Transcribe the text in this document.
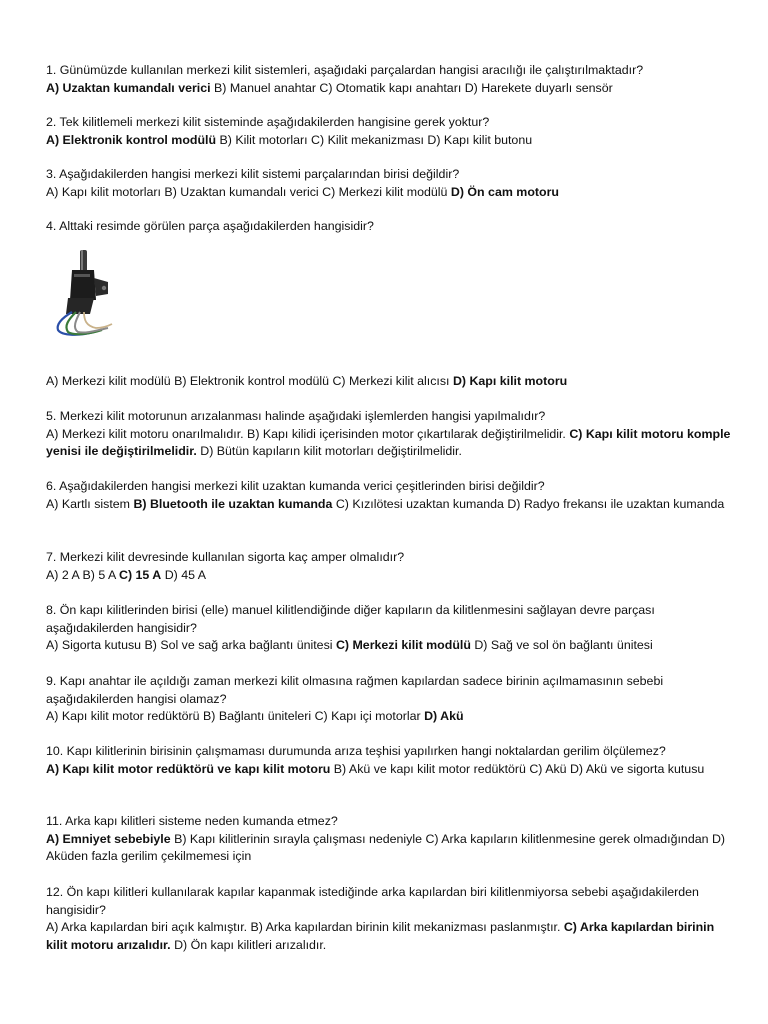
1. Günümüzde kullanılan merkezi kilit sistemleri, aşağıdaki parçalardan hangisi aracılığı ile çalıştırılmaktadır?

A) Uzaktan kumandalı verici B) Manuel anahtar C) Otomatik kapı anahtarı D) Harekete duyarlı sensör

2. Tek kilitlemeli merkezi kilit sisteminde aşağıdakilerden hangisine gerek yoktur?

A) Elektronik kontrol modülü B) Kilit motorları C) Kilit mekanizması D) Kapı kilit butonu

3. Aşağıdakilerden hangisi merkezi kilit sistemi parçalarından birisi değildir?

A) Kapı kilit motorları B) Uzaktan kumandalı verici C) Merkezi kilit modülü D) Ön cam motoru

4. Alttaki resimde görülen parça aşağıdakilerden hangisidir?

A) Merkezi kilit modülü B) Elektronik kontrol modülü C) Merkezi kilit alıcısı D) Kapı kilit motoru

5. Merkezi kilit motorunun arızalanması halinde aşağıdaki işlemlerden hangisi yapılmalıdır?

A) Merkezi kilit motoru onarılmalıdır. B) Kapı kilidi içerisinden motor çıkartılarak değiştirilmelidir. C) Kapı kilit motoru komple yenisi ile değiştirilmelidir. D) Bütün kapıların kilit motorları değiştirilmelidir.

6. Aşağıdakilerden hangisi merkezi kilit uzaktan kumanda verici çeşitlerinden birisi değildir?

A) Kartlı sistem B) Bluetooth ile uzaktan kumanda C) Kızılötesi uzaktan kumanda D) Radyo frekansı ile uzaktan kumanda

7. Merkezi kilit devresinde kullanılan sigorta kaç amper olmalıdır?

A) 2 A B) 5 A C) 15 A D) 45 A

8. Ön kapı kilitlerinden birisi (elle) manuel kilitlendiğinde diğer kapıların da kilitlenmesini sağlayan devre parçası aşağıdakilerden hangisidir?

A) Sigorta kutusu B) Sol ve sağ arka bağlantı ünitesi C) Merkezi kilit modülü D) Sağ ve sol ön bağlantı ünitesi

9. Kapı anahtar ile açıldığı zaman merkezi kilit olmasına rağmen kapılardan sadece birinin açılmamasının sebebi aşağıdakilerden hangisi olamaz?

A) Kapı kilit motor redüktörü B) Bağlantı üniteleri C) Kapı içi motorlar D) Akü

10. Kapı kilitlerinin birisinin çalışmaması durumunda arıza teşhisi yapılırken hangi noktalardan gerilim ölçülemez?

A) Kapı kilit motor redüktörü ve kapı kilit motoru B) Akü ve kapı kilit motor redüktörü C) Akü D) Akü ve sigorta kutusu

11. Arka kapı kilitleri sisteme neden kumanda etmez?

A) Emniyet sebebiyle B) Kapı kilitlerinin sırayla çalışması nedeniyle C) Arka kapıların kilitlenmesine gerek olmadığından D) Aküden fazla gerilim çekilmemesi için

12. Ön kapı kilitleri kullanılarak kapılar kapanmak istediğinde arka kapılardan biri kilitlenmiyorsa sebebi aşağıdakilerden hangisidir?

A) Arka kapılardan biri açık kalmıştır. B) Arka kapılardan birinin kilit mekanizması paslanmıştır. C) Arka kapılardan birinin kilit motoru arızalıdır. D) Ön kapı kilitleri arızalıdır.
